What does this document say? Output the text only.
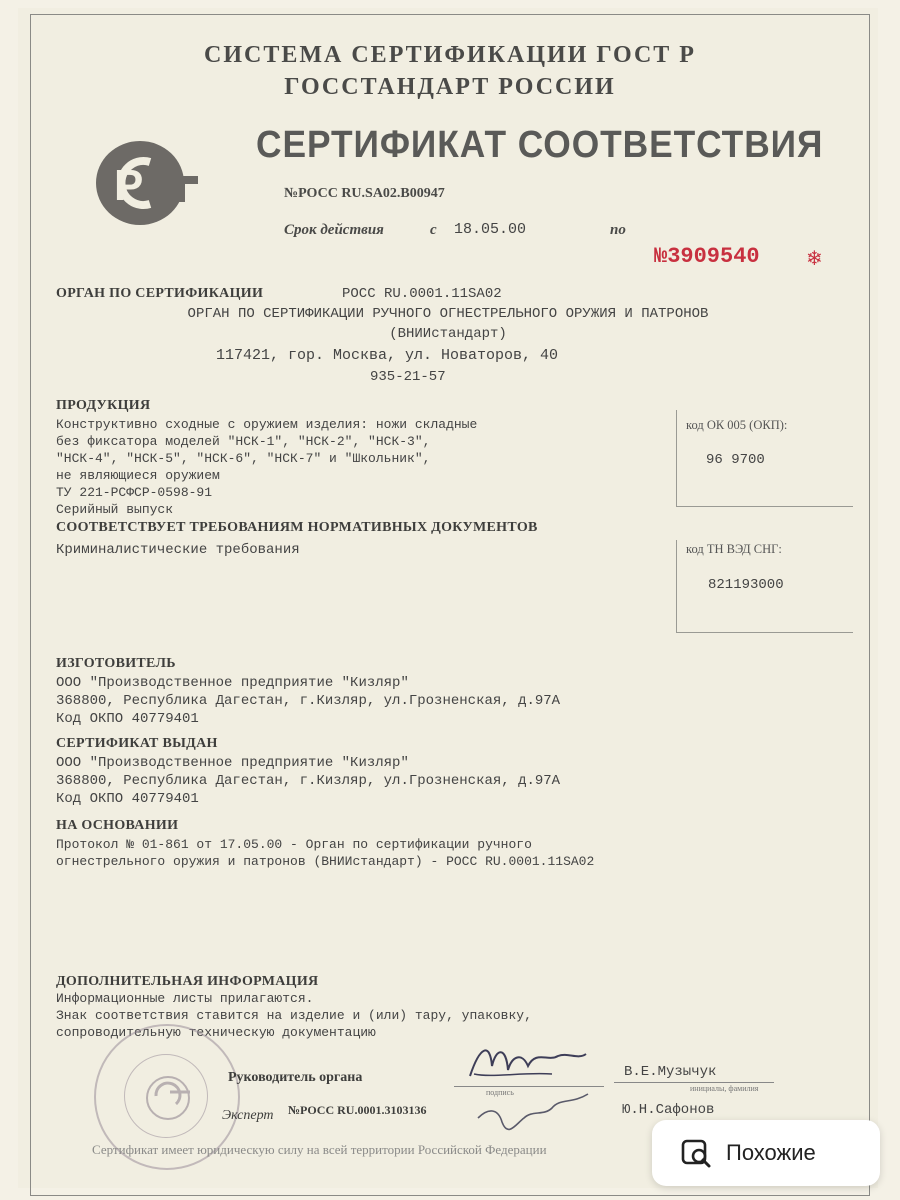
СИСТЕМА СЕРТИФИКАЦИИ ГОСТ Р
ГОССТАНДАРТ РОССИИ
Р
СЕРТИФИКАТ СООТВЕТСТВИЯ
№РОСС RU.SA02.B00947
Срок действия	с 18.05.00	по
№3909540 ❄
ОРГАН ПО СЕРТИФИКАЦИИ	РОСС RU.0001.11SA02
ОРГАН ПО СЕРТИФИКАЦИИ РУЧНОГО ОГНЕСТРЕЛЬНОГО ОРУЖИЯ И ПАТРОНОВ
(ВНИИстандарт)
117421, гор. Москва, ул. Новаторов, 40
935-21-57
ПРОДУКЦИЯ
Конструктивно сходные с оружием изделия: ножи складные
без фиксатора моделей "НСК-1", "НСК-2", "НСК-3",
"НСК-4", "НСК-5", "НСК-6", "НСК-7" и "Школьник",
не являющиеся оружием
ТУ 221-РСФСР-0598-91
Серийный выпуск
код ОК 005 (ОКП):
96 9700
СООТВЕТСТВУЕТ ТРЕБОВАНИЯМ НОРМАТИВНЫХ ДОКУМЕНТОВ
Криминалистические требования	код ТН ВЭД СНГ:
821193000
ИЗГОТОВИТЕЛЬ
ООО "Производственное предприятие "Кизляр"
368800, Республика Дагестан, г.Кизляр, ул.Грозненская, д.97А
Код ОКПО 40779401
СЕРТИФИКАТ ВЫДАН
ООО "Производственное предприятие "Кизляр"
368800, Республика Дагестан, г.Кизляр, ул.Грозненская, д.97А
Код ОКПО 40779401
НА ОСНОВАНИИ
Протокол № 01-861 от 17.05.00 - Орган по сертификации ручного
огнестрельного оружия и патронов (ВНИИстандарт) - РОСС RU.0001.11SA02
ДОПОЛНИТЕЛЬНАЯ ИНФОРМАЦИЯ
Информационные листы прилагаются.
Знак соответствия ставится на изделие и (или) тару, упаковку,
сопроводительную техническую документацию
Руководитель органа
подпись
В.Е.Музычук
инициалы, фамилия
Эксперт №РОСС RU.0001.3103136	Ю.Н.Сафонов
Сертификат имеет юридическую силу на всей территории Российской Федерации	Похожие
